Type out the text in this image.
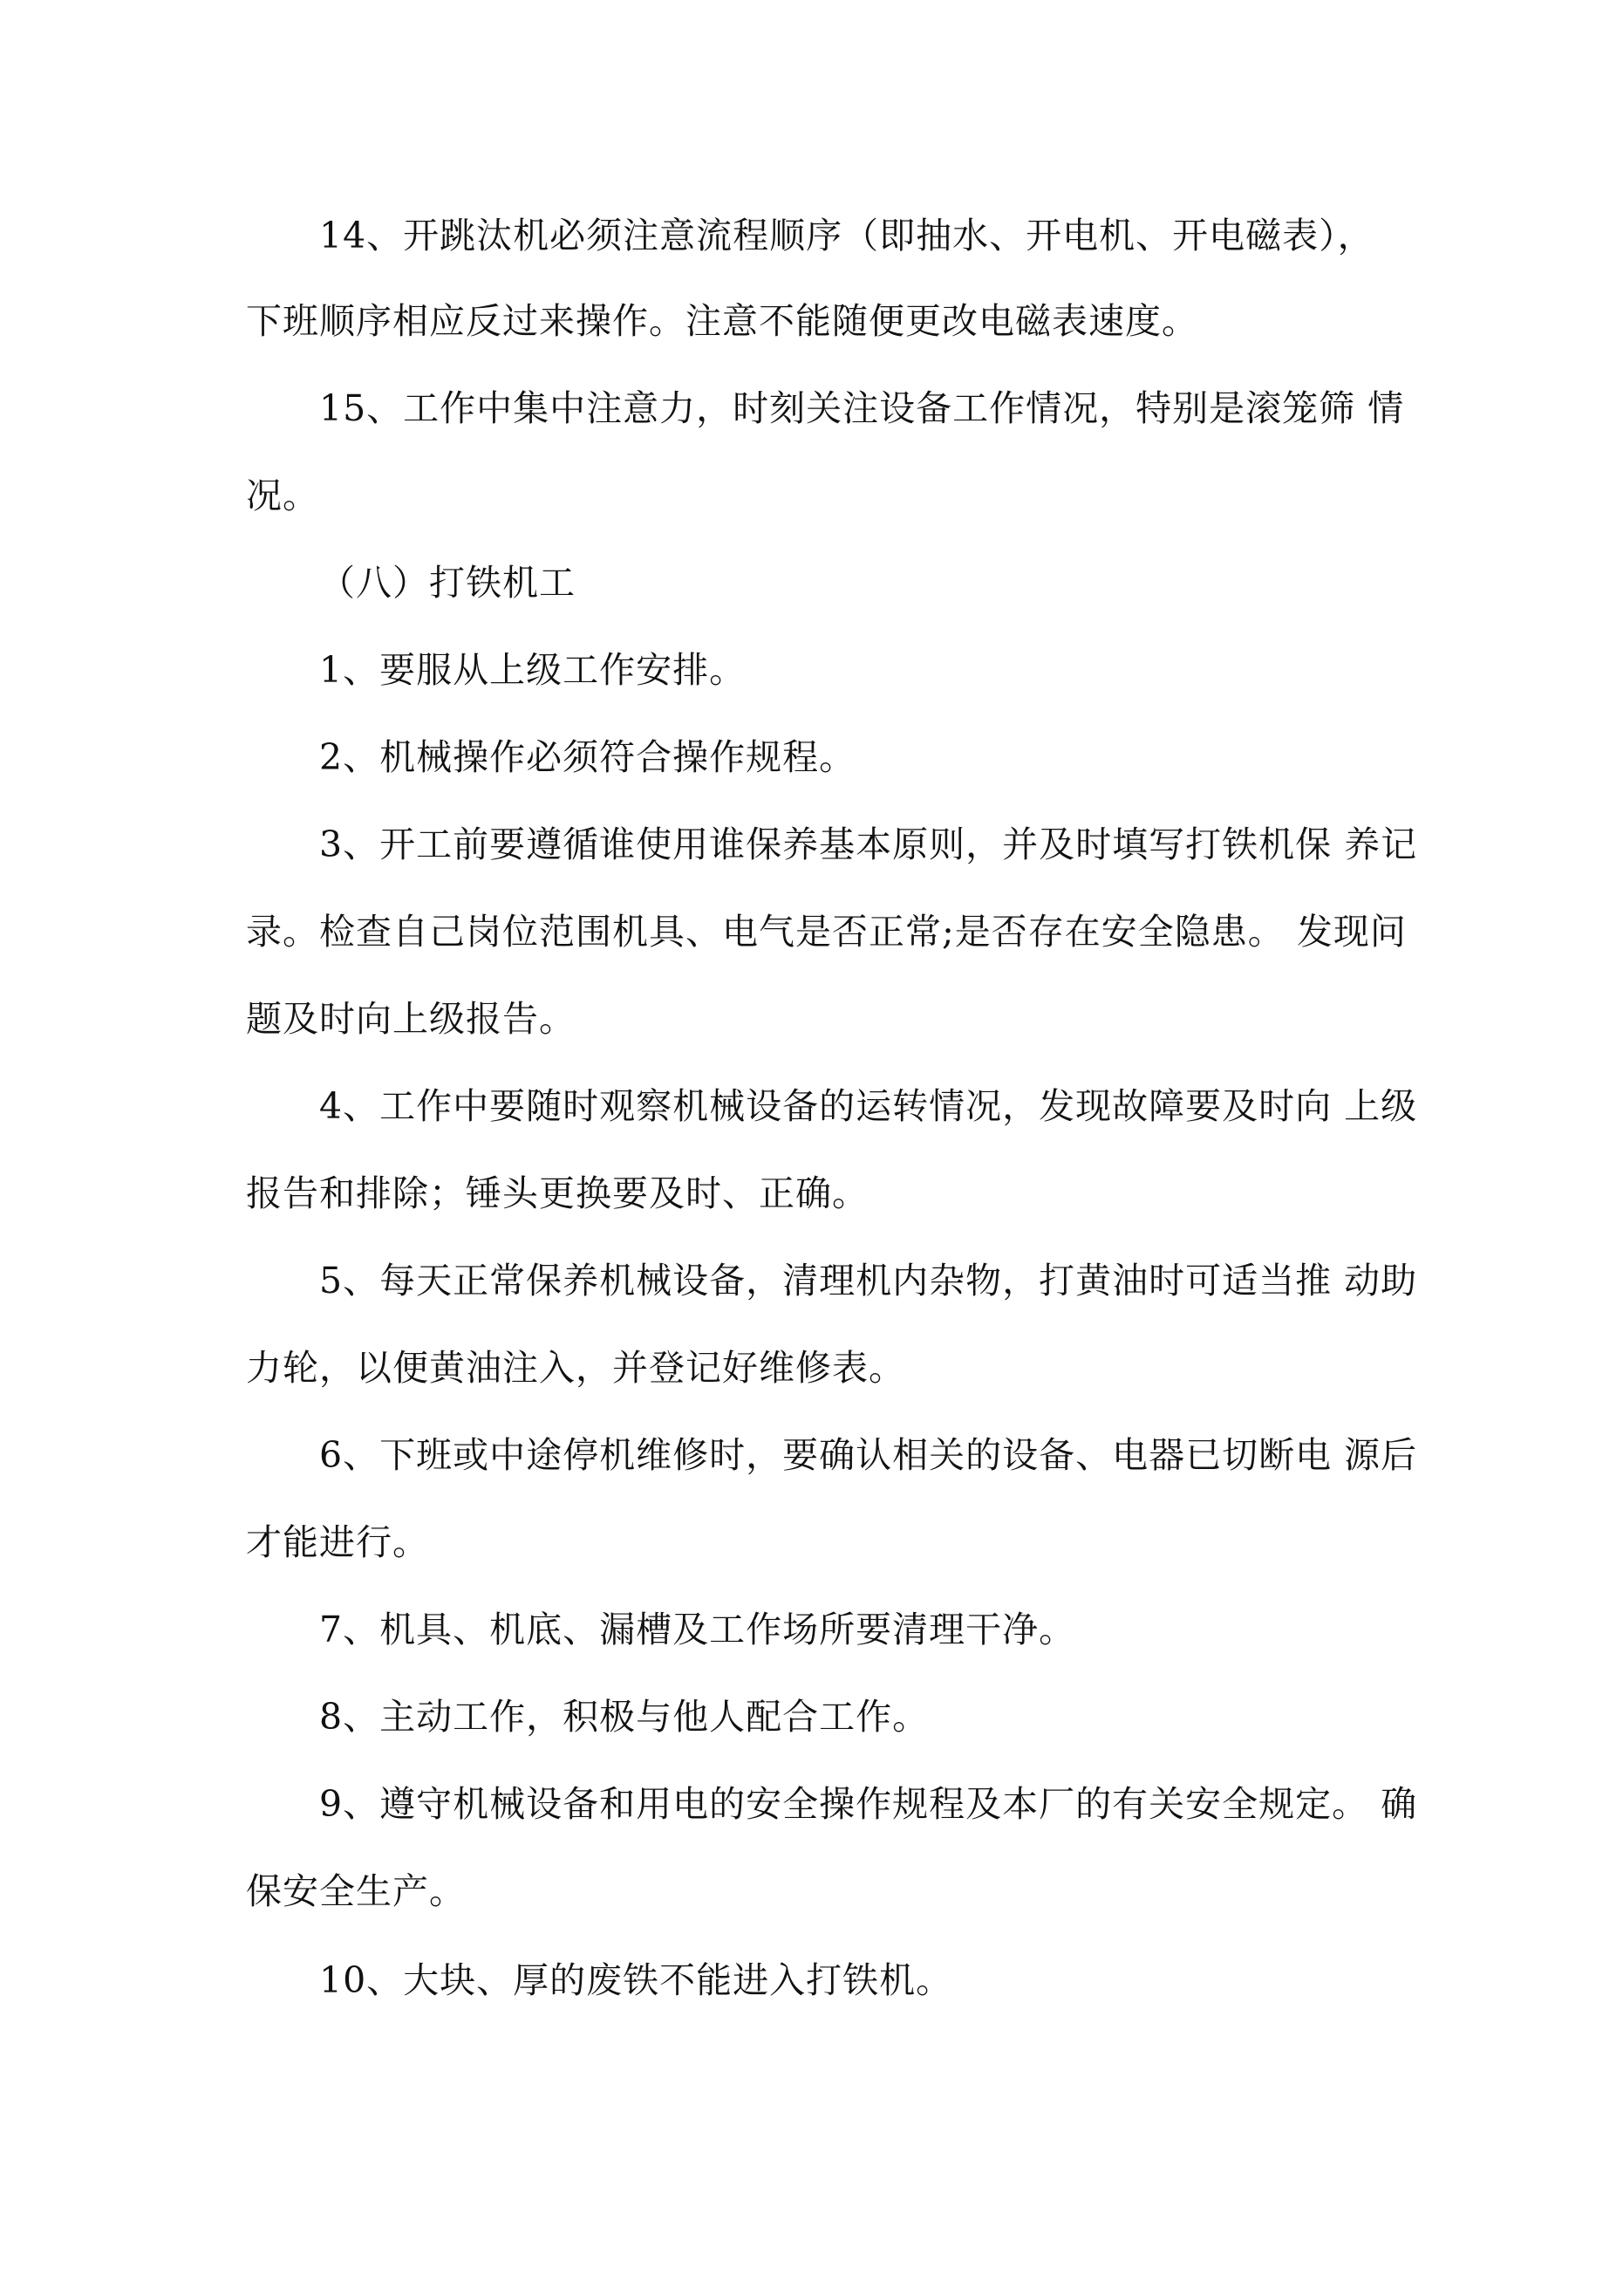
14、开跳汰机必须注意流程顺序（即抽水、开电机、开电磁表），
下班顺序相应反过来操作。注意不能随便更改电磁表速度。
15、工作中集中注意力，时刻关注设备工作情况，特别是滚笼筛 情
况。
（八）打铁机工
1、要服从上级工作安排。
2、机械操作必须符合操作规程。
3、开工前要遵循谁使用谁保养基本原则，并及时填写打铁机保 养记
录。检查自己岗位范围机具、电气是否正常;是否存在安全隐患。 发现问
题及时向上级报告。
4、工作中要随时观察机械设备的运转情况，发现故障要及时向 上级
报告和排除；锤头更换要及时、正确。
5、每天正常保养机械设备，清理机内杂物，打黄油时可适当推 动助
力轮，以便黄油注入，并登记好维修表。
6、下班或中途停机维修时，要确认相关的设备、电器已切断电 源后
才能进行。
7、机具、机底、漏槽及工作场所要清理干净。
8、主动工作，积极与他人配合工作。
9、遵守机械设备和用电的安全操作规程及本厂的有关安全规定。 确
保安全生产。
10、大块、厚的废铁不能进入打铁机。
